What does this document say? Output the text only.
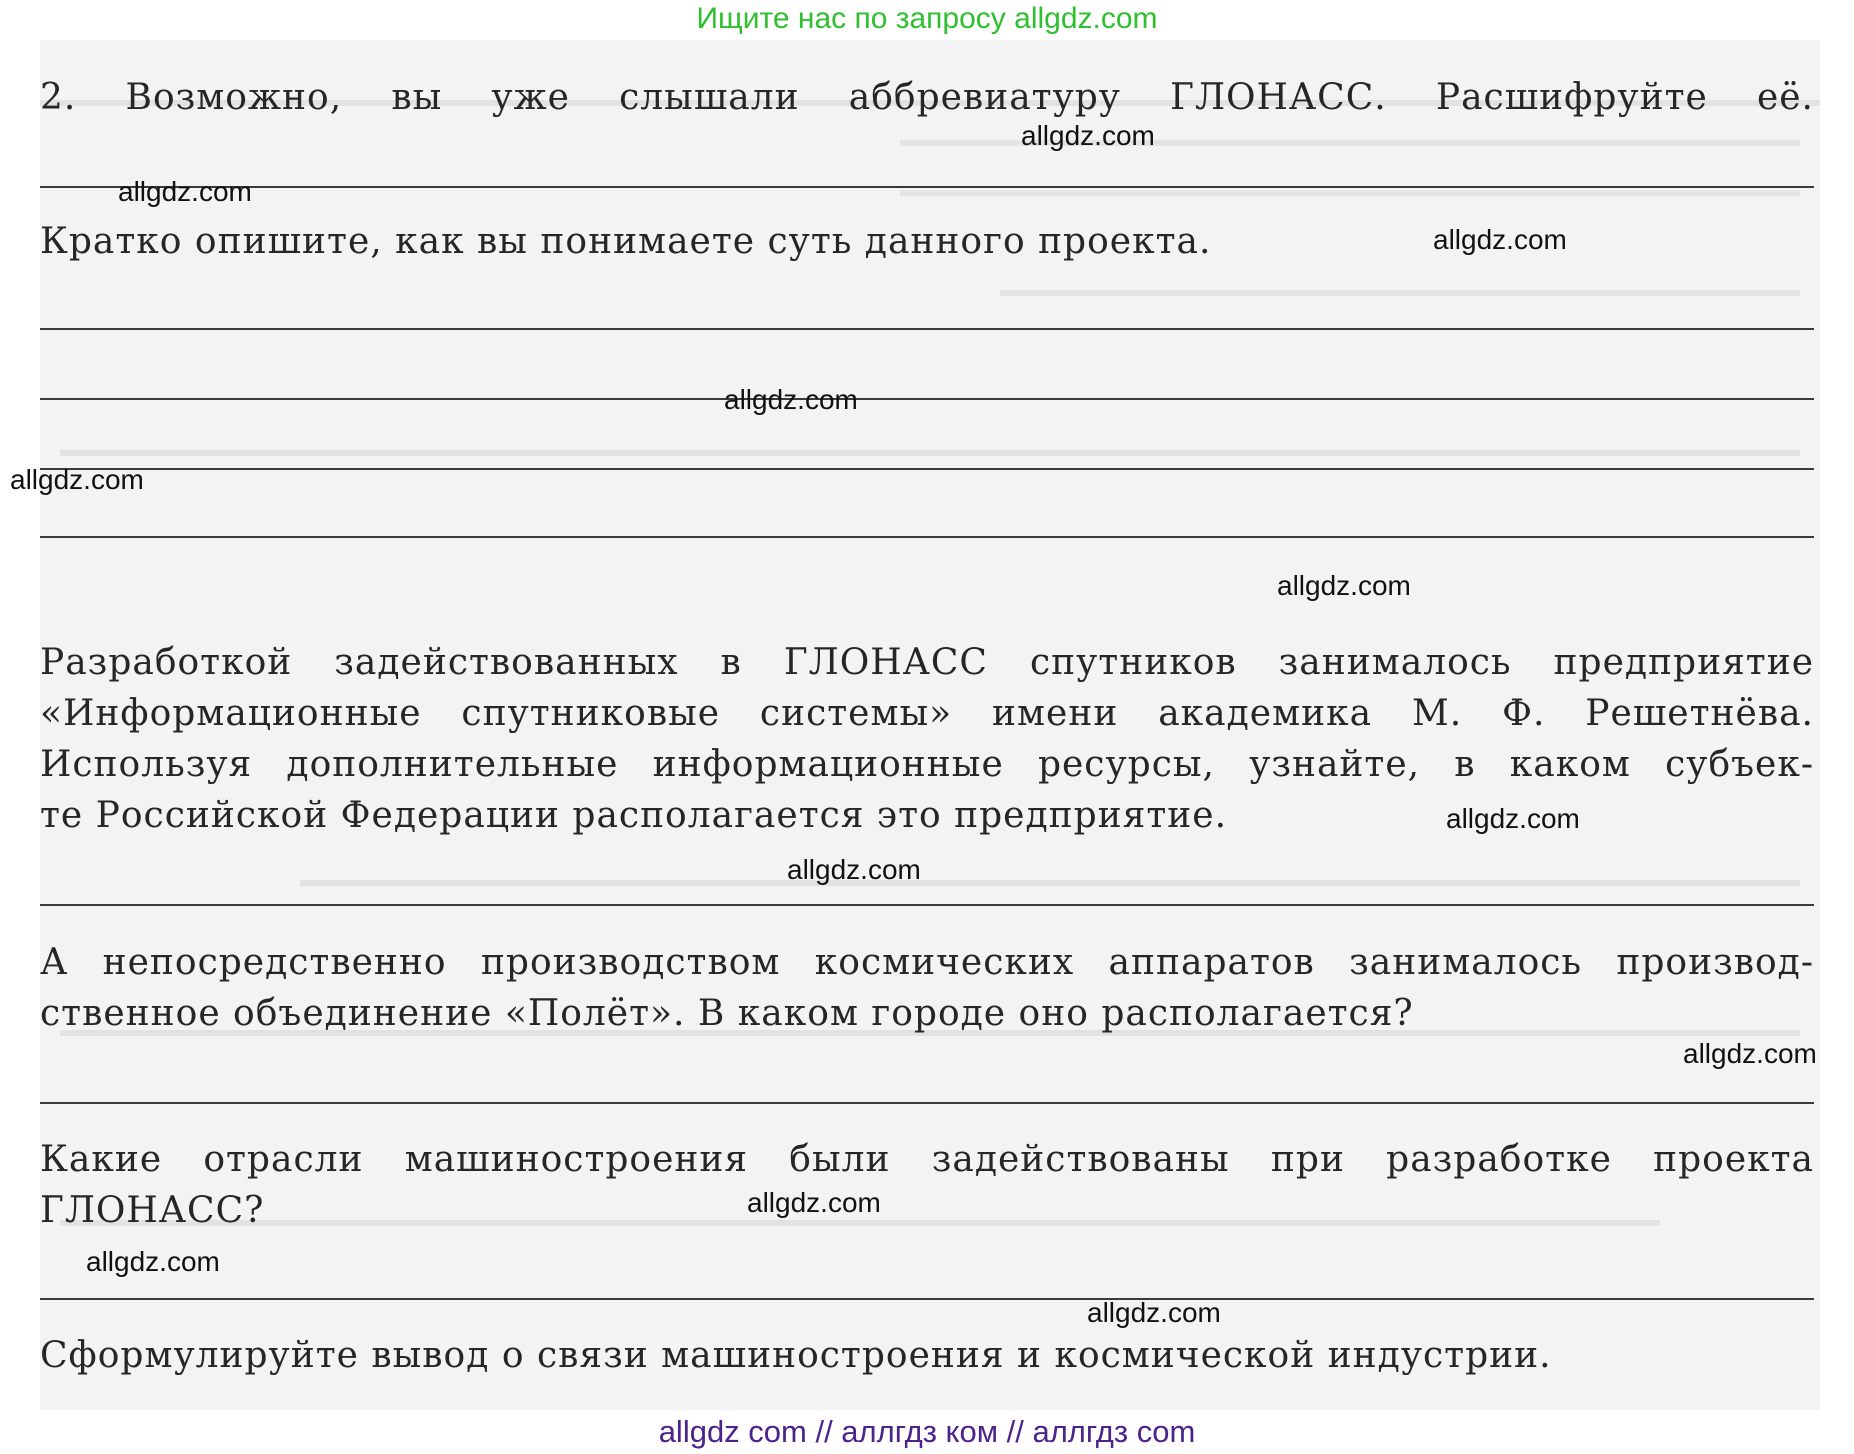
Ищите нас по запросу allgdz.com
2. Возможно, вы уже слышали аббревиатуру ГЛОНАСС. Расшифруйте её.
Кратко опишите, как вы понимаете суть данного проекта.
Разработкой задействованных в ГЛОНАСС спутников занималось предприятие
«Информационные спутниковые системы» имени академика М. Ф. Решетнёва.
Используя дополнительные информационные ресурсы, узнайте, в каком субъек-
те Российской Федерации располагается это предприятие.
А непосредственно производством космических аппаратов занималось производ-
ственное объединение «Полёт». В каком городе оно располагается?
Какие отрасли машиностроения были задействованы при разработке проекта
ГЛОНАСС?
Сформулируйте вывод о связи машиностроения и космической индустрии.
allgdz.com
allgdz.com
allgdz.com
allgdz.com
allgdz.com
allgdz.com
allgdz.com
allgdz.com
allgdz.com
allgdz.com
allgdz.com
allgdz.com
allgdz com // аллгдз ком // аллгдз com
